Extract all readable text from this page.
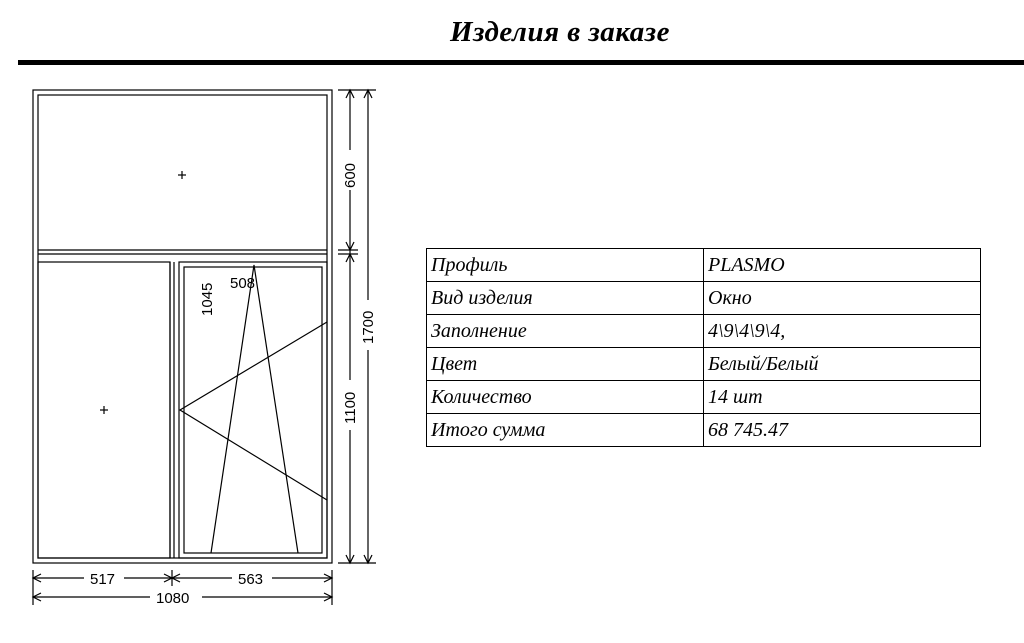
Изделия в заказе
600
1700
1100
1045 508
517	563
1080
Профиль	PLASMO
Вид изделия	Окно
Заполнение	4\9\4\9\4,
Цвет	Белый/Белый
Количество	14 шт
Итого сумма	68 745.47
